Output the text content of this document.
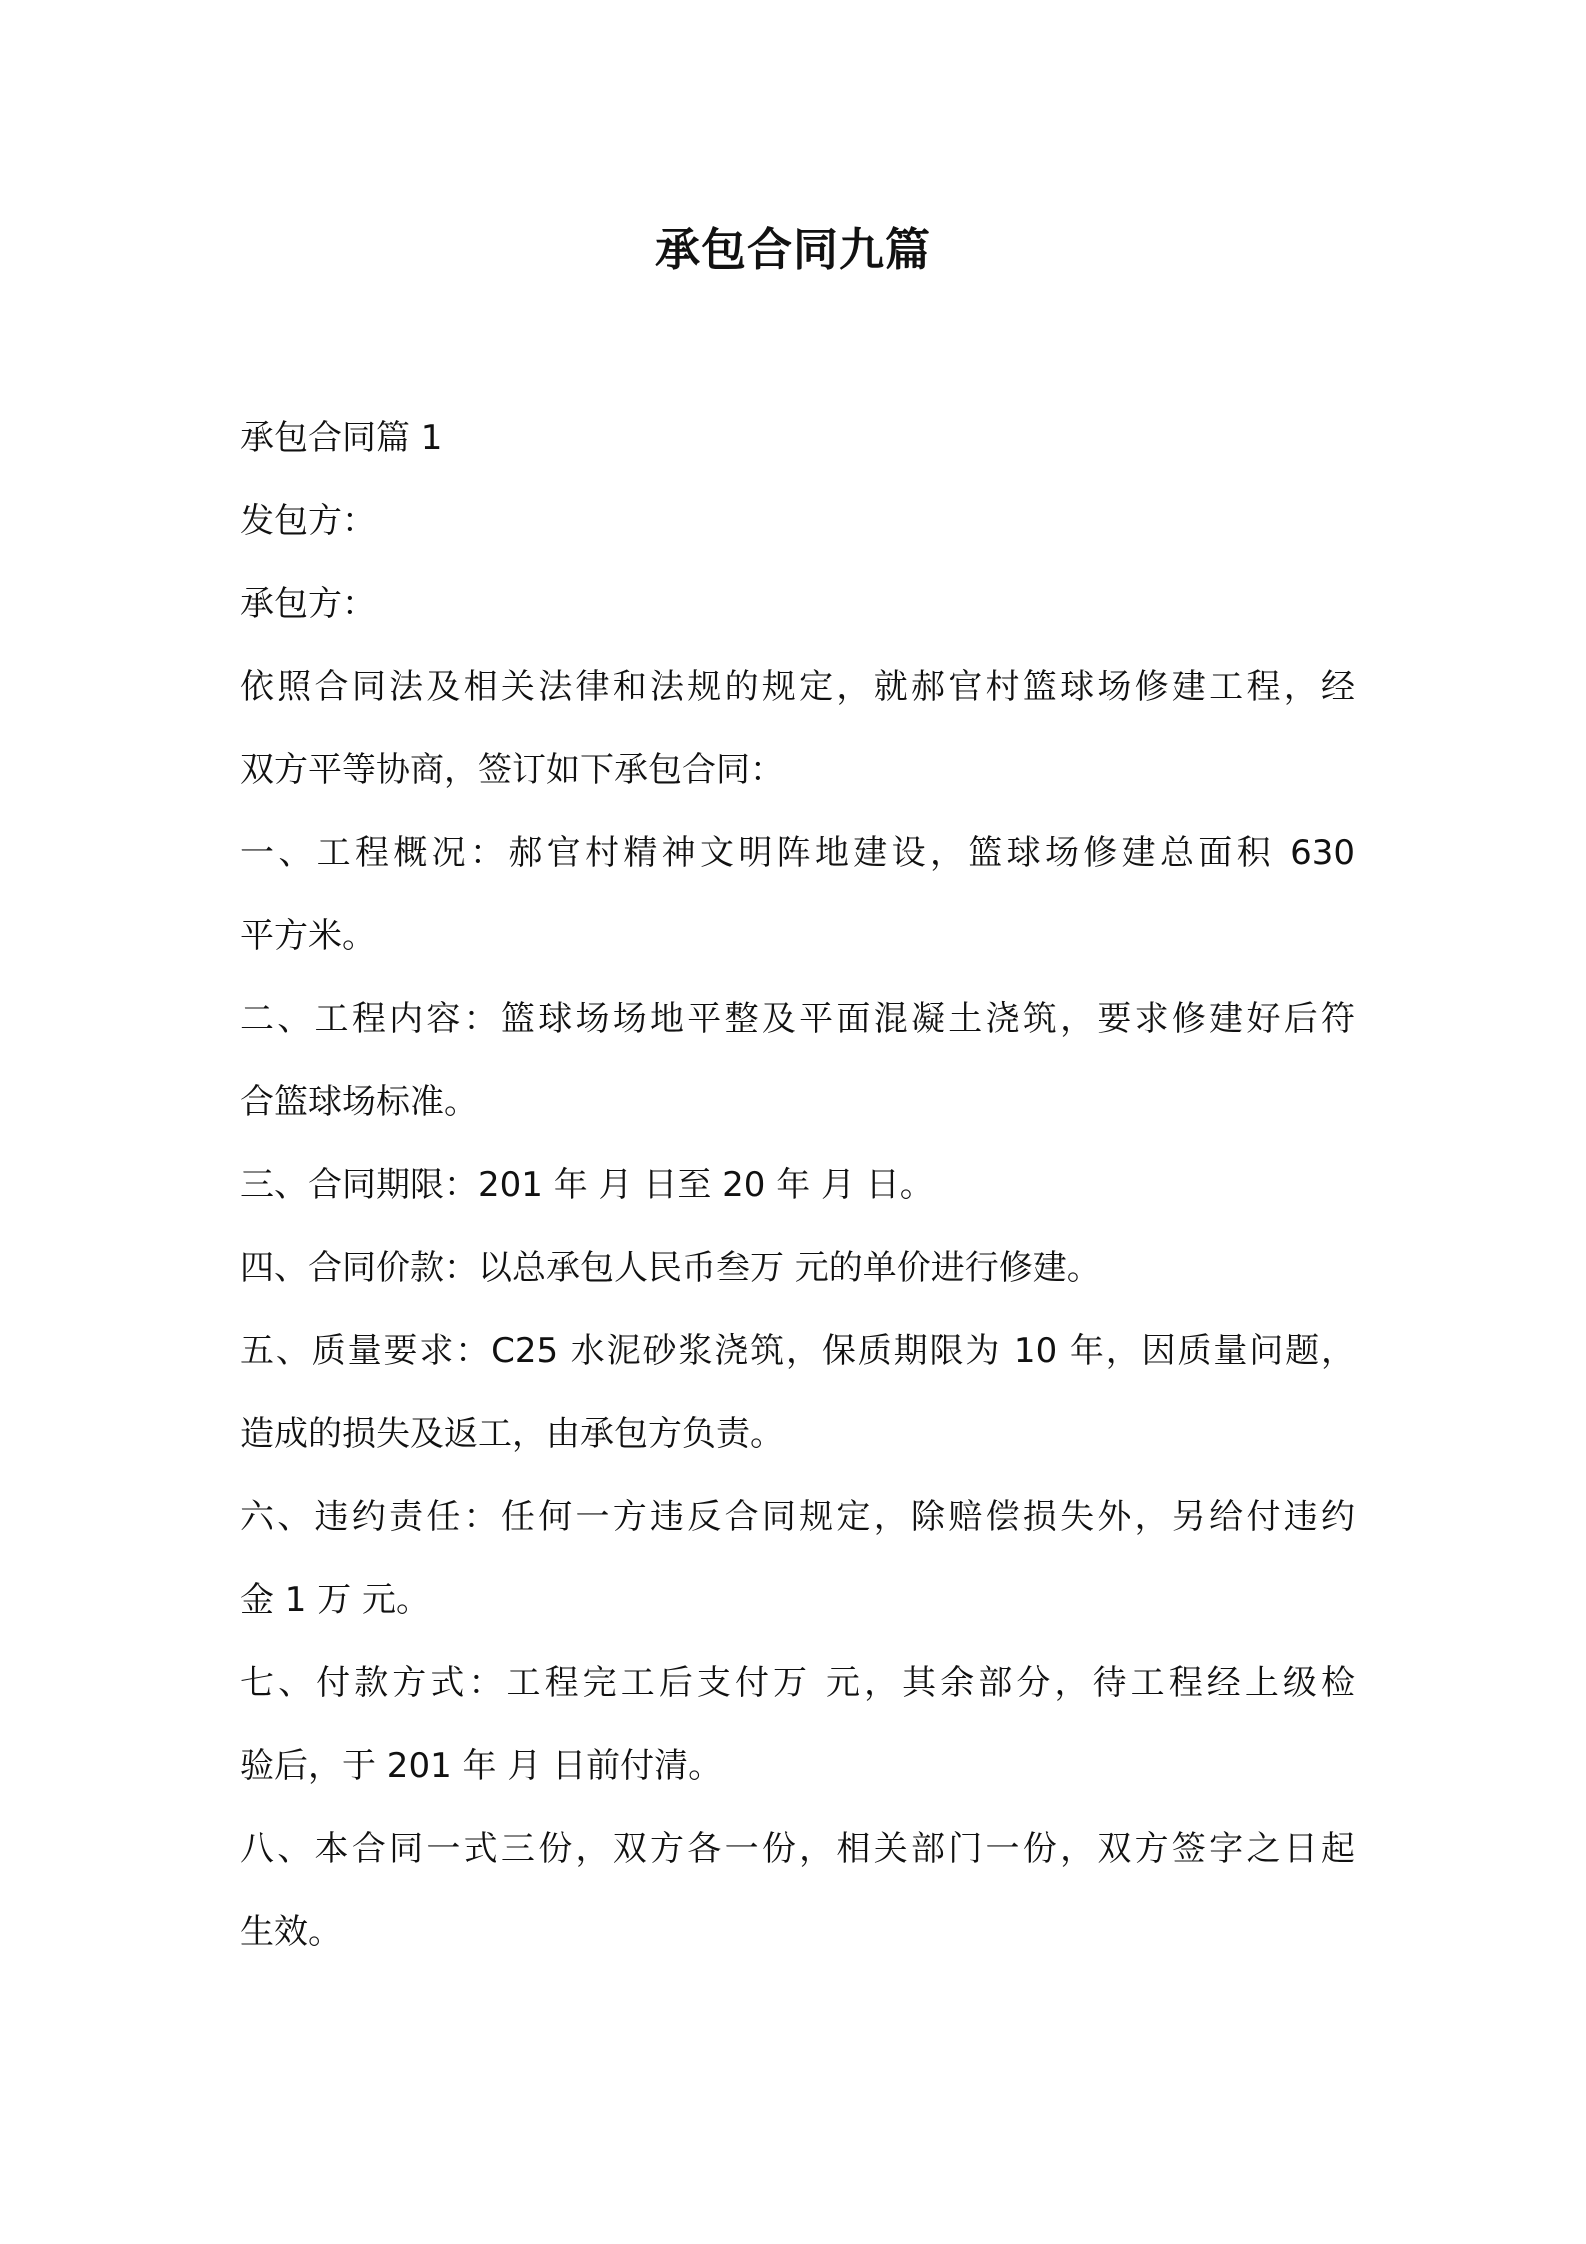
承包合同九篇

承包合同篇 1

发包方：

承包方：

依照合同法及相关法律和法规的规定，就郝官村篮球场修建工程，经

双方平等协商，签订如下承包合同：

一、工程概况：郝官村精神文明阵地建设，篮球场修建总面积 630

平方米。

二、工程内容：篮球场场地平整及平面混凝土浇筑，要求修建好后符

合篮球场标准。

三、合同期限：201 年 月 日至 20 年 月 日。

四、合同价款：以总承包人民币叁万 元的单价进行修建。

五、质量要求：C25 水泥砂浆浇筑，保质期限为 10 年，因质量问题，

造成的损失及返工，由承包方负责。

六、违约责任：任何一方违反合同规定，除赔偿损失外，另给付违约

金 1 万 元。

七、付款方式：工程完工后支付万 元，其余部分，待工程经上级检

验后，于 201 年 月 日前付清。

八、本合同一式三份，双方各一份，相关部门一份，双方签字之日起

生效。
